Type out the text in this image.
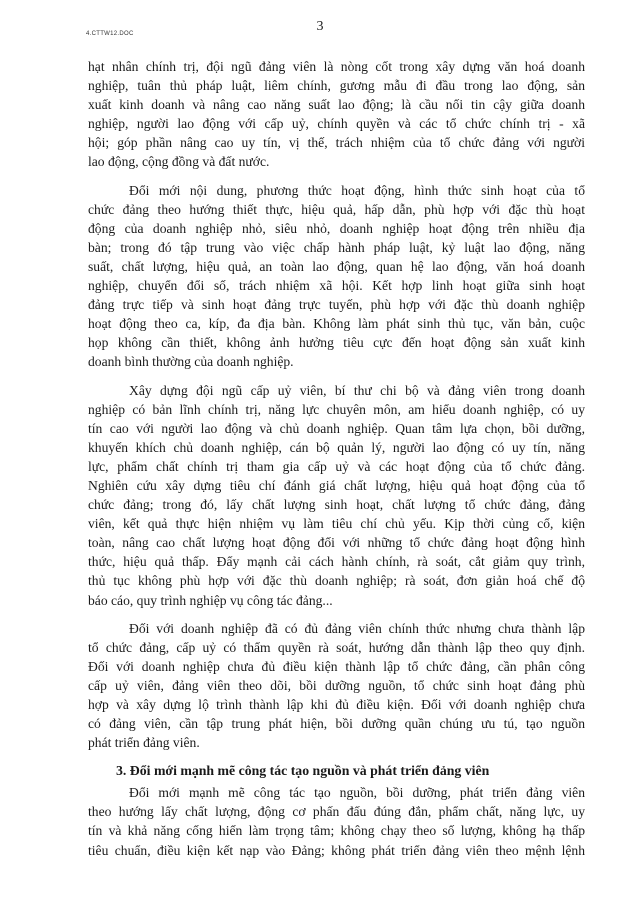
4.CTTW12.DOC	3
hạt nhân chính trị, đội ngũ đảng viên là nòng cốt trong xây dựng văn hoá doanh
nghiệp, tuân thủ pháp luật, liêm chính, gương mẫu đi đầu trong lao động, sản
xuất kinh doanh và nâng cao năng suất lao động; là cầu nối tin cậy giữa doanh
nghiệp, người lao động với cấp uỷ, chính quyền và các tổ chức chính trị - xã
hội; góp phần nâng cao uy tín, vị thế, trách nhiệm của tổ chức đảng với người
lao động, cộng đồng và đất nước.
Đổi mới nội dung, phương thức hoạt động, hình thức sinh hoạt của tổ
chức đảng theo hướng thiết thực, hiệu quả, hấp dẫn, phù hợp với đặc thù hoạt
động của doanh nghiệp nhỏ, siêu nhỏ, doanh nghiệp hoạt động trên nhiều địa
bàn; trong đó tập trung vào việc chấp hành pháp luật, kỷ luật lao động, năng
suất, chất lượng, hiệu quả, an toàn lao động, quan hệ lao động, văn hoá doanh
nghiệp, chuyển đổi số, trách nhiệm xã hội. Kết hợp linh hoạt giữa sinh hoạt
đảng trực tiếp và sinh hoạt đảng trực tuyến, phù hợp với đặc thù doanh nghiệp
hoạt động theo ca, kíp, đa địa bàn. Không làm phát sinh thủ tục, văn bản, cuộc
họp không cần thiết, không ảnh hưởng tiêu cực đến hoạt động sản xuất kinh
doanh bình thường của doanh nghiệp.
Xây dựng đội ngũ cấp uỷ viên, bí thư chi bộ và đảng viên trong doanh
nghiệp có bản lĩnh chính trị, năng lực chuyên môn, am hiểu doanh nghiệp, có uy
tín cao với người lao động và chủ doanh nghiệp. Quan tâm lựa chọn, bồi dưỡng,
khuyến khích chủ doanh nghiệp, cán bộ quản lý, người lao động có uy tín, năng
lực, phẩm chất chính trị tham gia cấp uỷ và các hoạt động của tổ chức đảng.
Nghiên cứu xây dựng tiêu chí đánh giá chất lượng, hiệu quả hoạt động của tổ
chức đảng; trong đó, lấy chất lượng sinh hoạt, chất lượng tổ chức đảng, đảng
viên, kết quả thực hiện nhiệm vụ làm tiêu chí chủ yếu. Kịp thời củng cố, kiện
toàn, nâng cao chất lượng hoạt động đối với những tổ chức đảng hoạt động hình
thức, hiệu quả thấp. Đẩy mạnh cải cách hành chính, rà soát, cắt giảm quy trình,
thủ tục không phù hợp với đặc thù doanh nghiệp; rà soát, đơn giản hoá chế độ
báo cáo, quy trình nghiệp vụ công tác đảng...
Đối với doanh nghiệp đã có đủ đảng viên chính thức nhưng chưa thành lập
tổ chức đảng, cấp uỷ có thẩm quyền rà soát, hướng dẫn thành lập theo quy định.
Đối với doanh nghiệp chưa đủ điều kiện thành lập tổ chức đảng, cần phân công
cấp uỷ viên, đảng viên theo dõi, bồi dưỡng nguồn, tổ chức sinh hoạt đảng phù
hợp và xây dựng lộ trình thành lập khi đủ điều kiện. Đối với doanh nghiệp chưa
có đảng viên, cần tập trung phát hiện, bồi dưỡng quần chúng ưu tú, tạo nguồn
phát triển đảng viên.
3. Đổi mới mạnh mẽ công tác tạo nguồn và phát triển đảng viên
Đổi mới mạnh mẽ công tác tạo nguồn, bồi dưỡng, phát triển đảng viên
theo hướng lấy chất lượng, động cơ phấn đấu đúng đắn, phẩm chất, năng lực, uy
tín và khả năng cống hiến làm trọng tâm; không chạy theo số lượng, không hạ thấp
tiêu chuẩn, điều kiện kết nạp vào Đảng; không phát triển đảng viên theo mệnh lệnh
